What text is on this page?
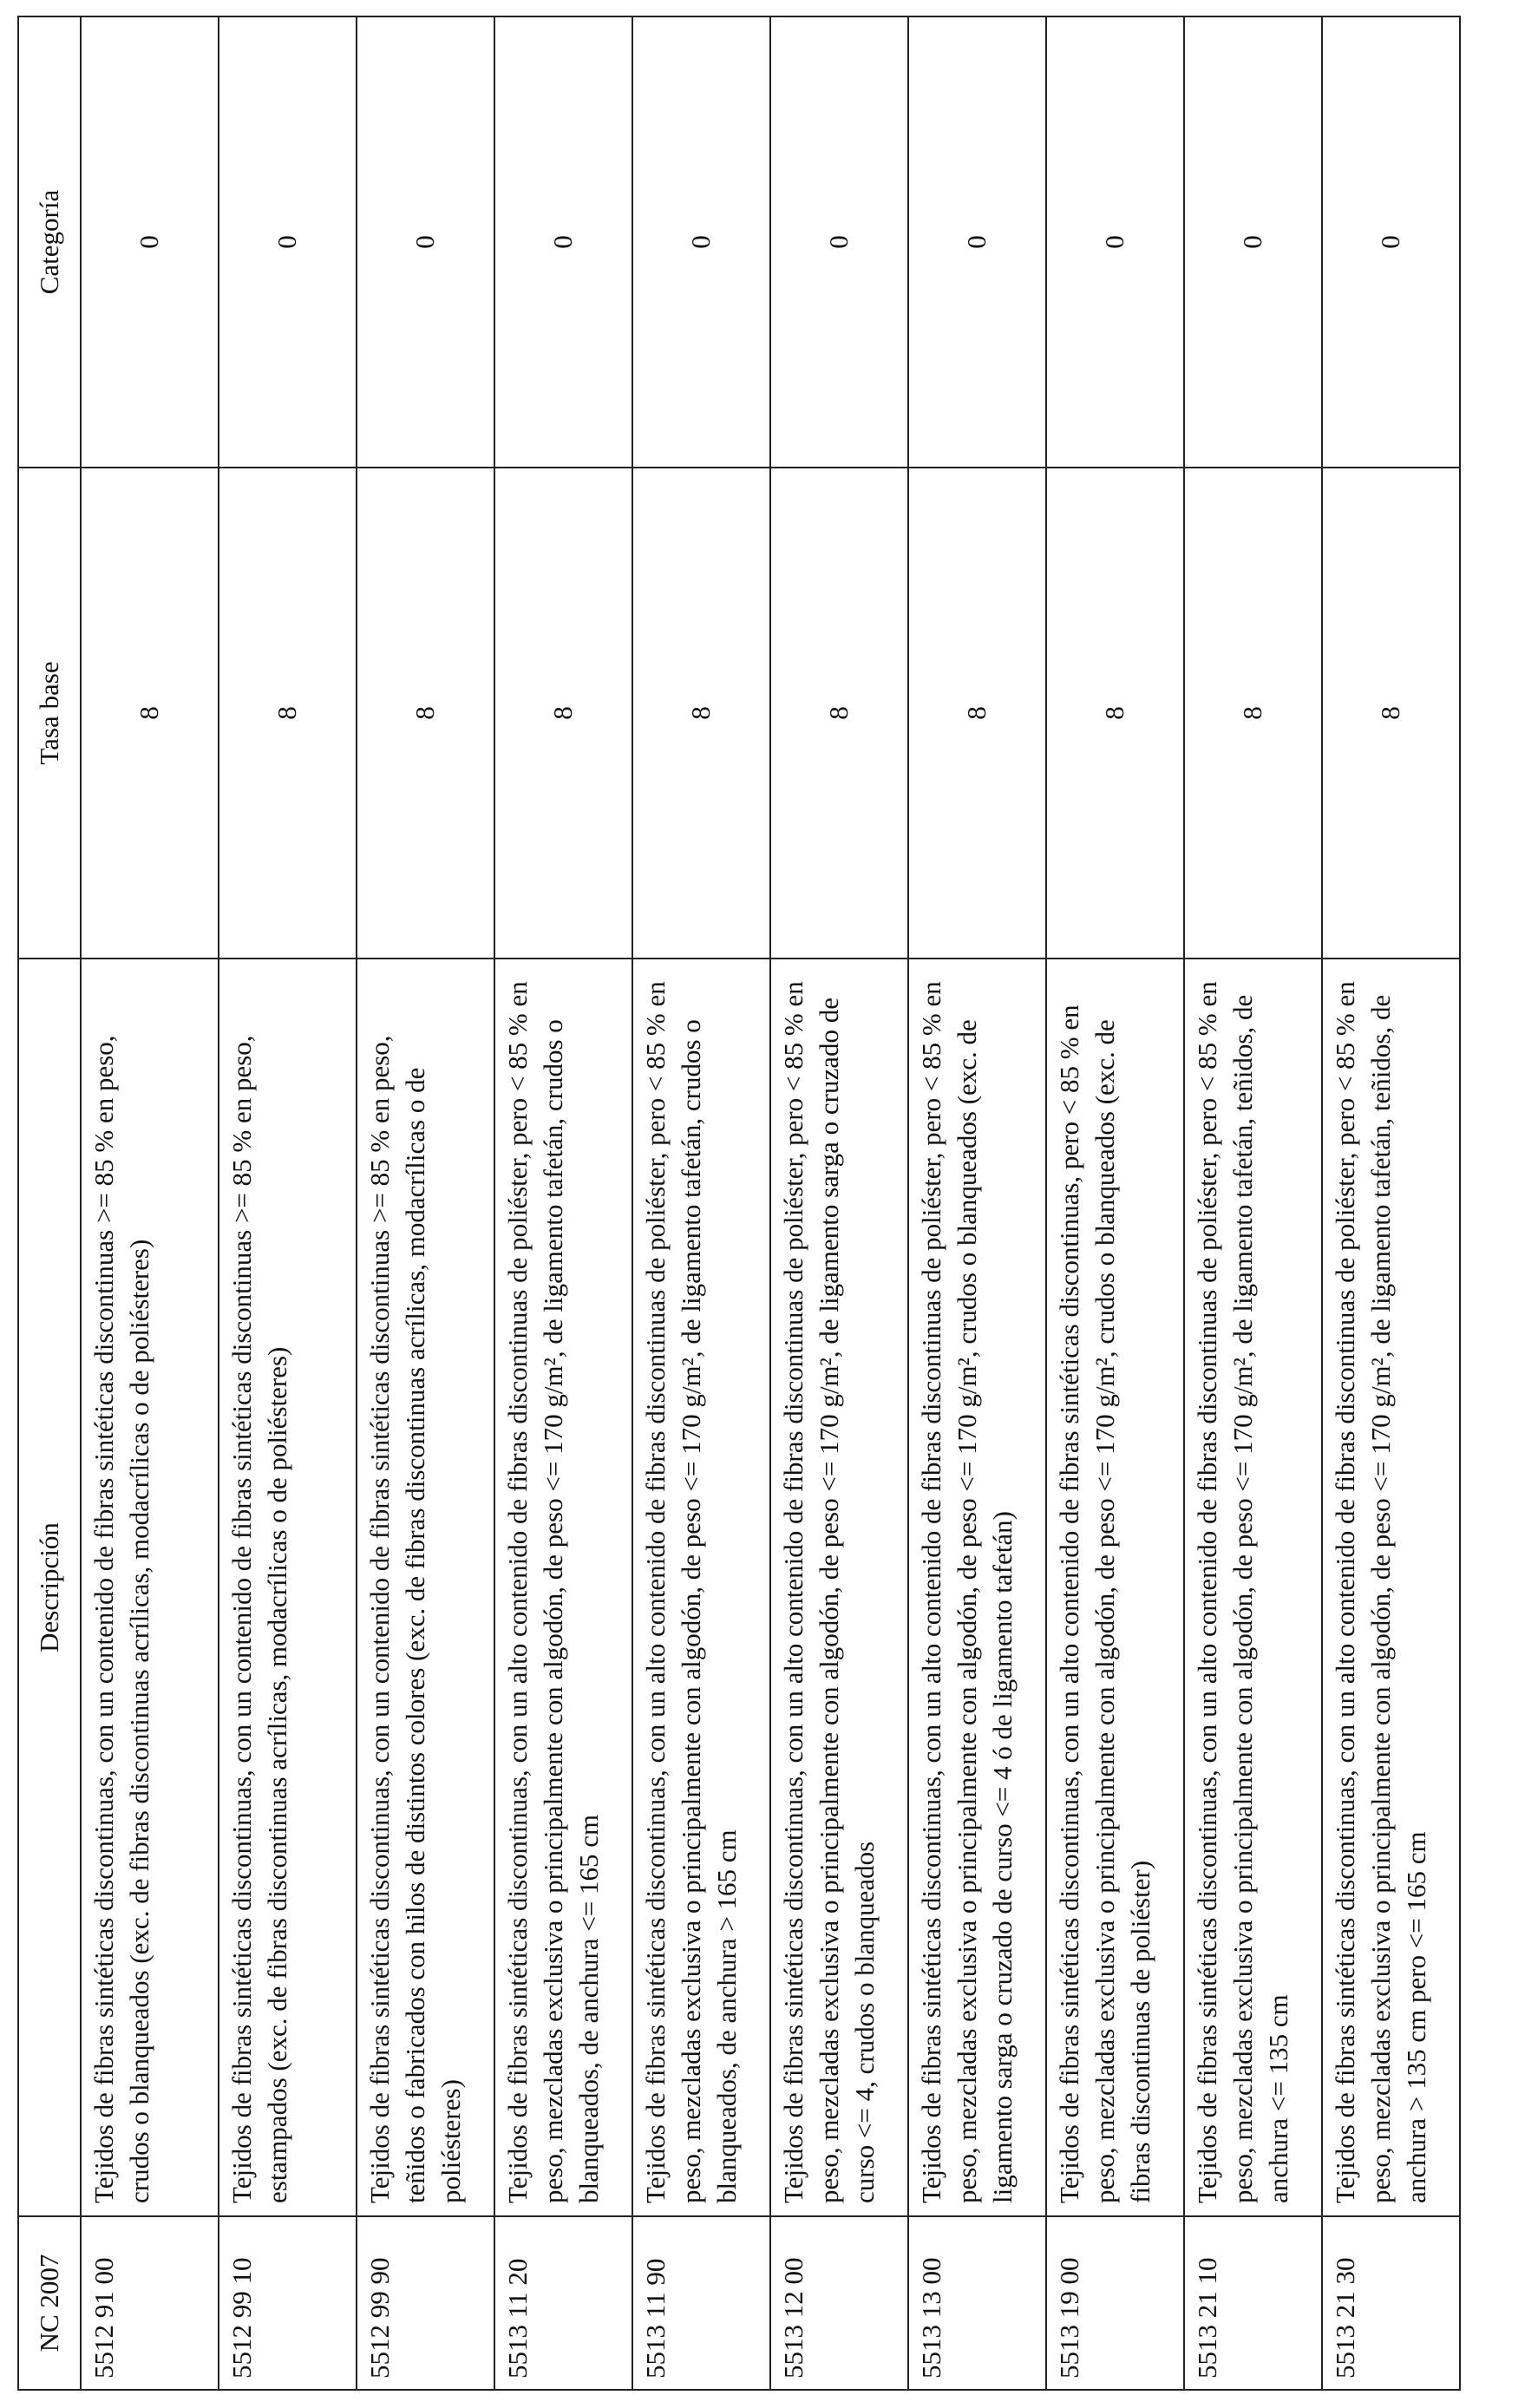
NC 2007	Descripción	Tasa base	Categoría
5512 91 00	Tejidos de fibras sintéticas discontinuas, con un contenido de fibras sintéticas discontinuas >= 85 % en peso, crudos o blanqueados (exc. de fibras discontinuas acrílicas, modacrílicas o de poliésteres)	8	0
5512 99 10	Tejidos de fibras sintéticas discontinuas, con un contenido de fibras sintéticas discontinuas >= 85 % en peso, estampados (exc. de fibras discontinuas acrílicas, modacrílicas o de poliésteres)	8	0
5512 99 90	Tejidos de fibras sintéticas discontinuas, con un contenido de fibras sintéticas discontinuas >= 85 % en peso, teñidos o fabricados con hilos de distintos colores (exc. de fibras discontinuas acrílicas, modacrílicas o de poliésteres)	8	0
5513 11 20	Tejidos de fibras sintéticas discontinuas, con un alto contenido de fibras discontinuas de poliéster, pero < 85 % en peso, mezcladas exclusiva o principalmente con algodón, de peso <= 170 g/m², de ligamento tafetán, crudos o blanqueados, de anchura <= 165 cm	8	0
5513 11 90	Tejidos de fibras sintéticas discontinuas, con un alto contenido de fibras discontinuas de poliéster, pero < 85 % en peso, mezcladas exclusiva o principalmente con algodón, de peso <= 170 g/m², de ligamento tafetán, crudos o blanqueados, de anchura > 165 cm	8	0
5513 12 00	Tejidos de fibras sintéticas discontinuas, con un alto contenido de fibras discontinuas de poliéster, pero < 85 % en peso, mezcladas exclusiva o principalmente con algodón, de peso <= 170 g/m², de ligamento sarga o cruzado de curso <= 4, crudos o blanqueados	8	0
5513 13 00	Tejidos de fibras sintéticas discontinuas, con un alto contenido de fibras discontinuas de poliéster, pero < 85 % en peso, mezcladas exclusiva o principalmente con algodón, de peso <= 170 g/m², crudos o blanqueados (exc. de ligamento sarga o cruzado de curso <= 4 ó de ligamento tafetán)	8	0
5513 19 00	Tejidos de fibras sintéticas discontinuas, con un alto contenido de fibras sintéticas discontinuas, pero < 85 % en peso, mezcladas exclusiva o principalmente con algodón, de peso <= 170 g/m², crudos o blanqueados (exc. de fibras discontinuas de poliéster)	8	0
5513 21 10	Tejidos de fibras sintéticas discontinuas, con un alto contenido de fibras discontinuas de poliéster, pero < 85 % en peso, mezcladas exclusiva o principalmente con algodón, de peso <= 170 g/m², de ligamento tafetán, teñidos, de anchura <= 135 cm	8	0
5513 21 30	Tejidos de fibras sintéticas discontinuas, con un alto contenido de fibras discontinuas de poliéster, pero < 85 % en peso, mezcladas exclusiva o principalmente con algodón, de peso <= 170 g/m², de ligamento tafetán, teñidos, de anchura > 135 cm pero <= 165 cm	8	0
